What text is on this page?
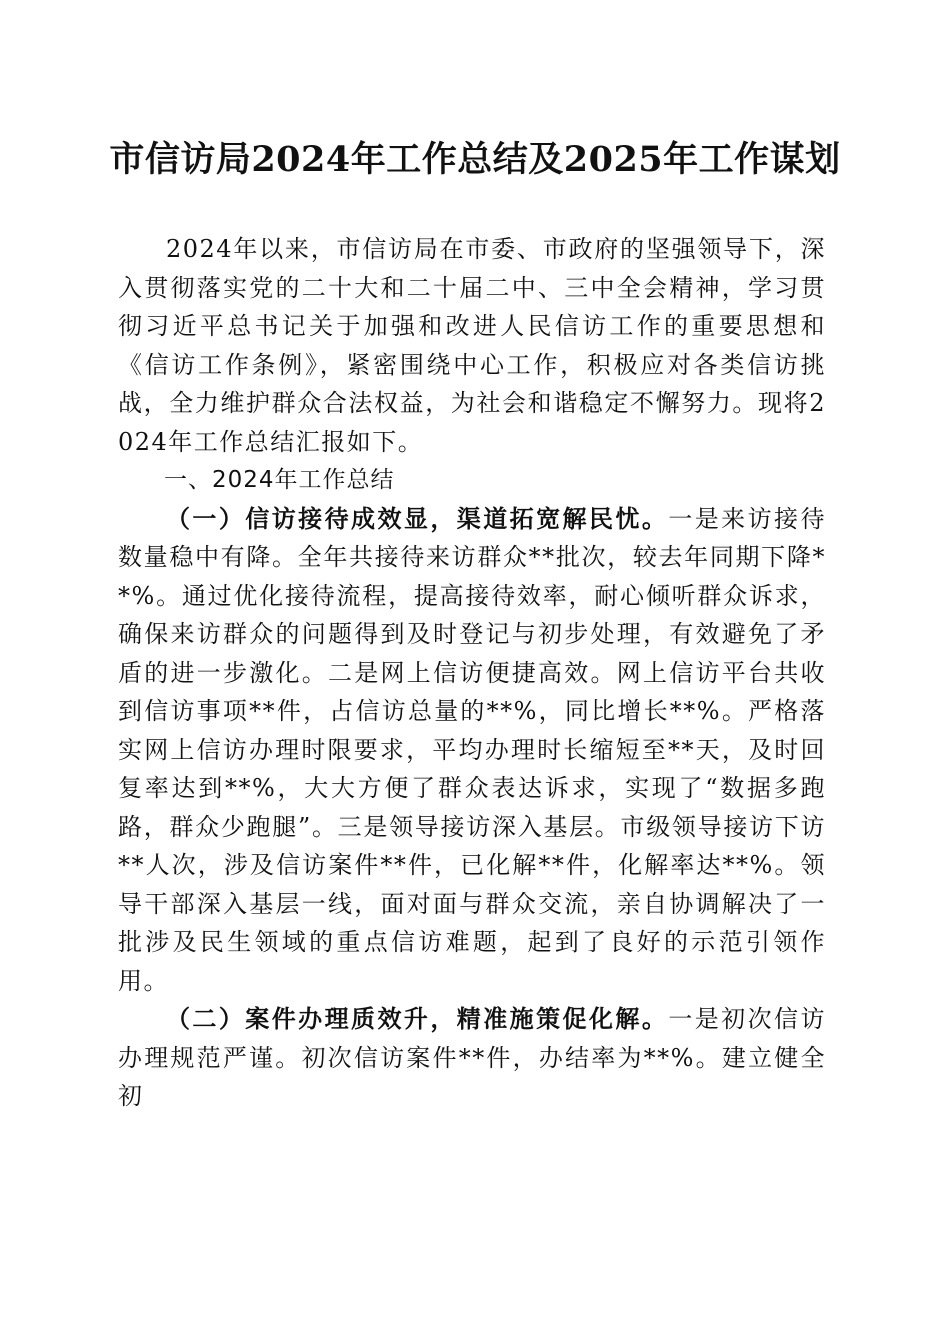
市信访局2024年工作总结及2025年工作谋划

2024年以来，市信访局在市委、市政府的坚强领导下，深入贯彻落实党的二十大和二十届二中、三中全会精神，学习贯彻习近平总书记关于加强和改进人民信访工作的重要思想和《信访工作条例》，紧密围绕中心工作，积极应对各类信访挑战，全力维护群众合法权益，为社会和谐稳定不懈努力。现将2024年工作总结汇报如下。

一、2024年工作总结

（一）信访接待成效显，渠道拓宽解民忧。一是来访接待数量稳中有降。全年共接待来访群众**批次，较去年同期下降**%。通过优化接待流程，提高接待效率，耐心倾听群众诉求，确保来访群众的问题得到及时登记与初步处理，有效避免了矛盾的进一步激化。二是网上信访便捷高效。网上信访平台共收到信访事项**件，占信访总量的**%，同比增长**%。严格落实网上信访办理时限要求，平均办理时长缩短至**天，及时回复率达到**%，大大方便了群众表达诉求，实现了“数据多跑路，群众少跑腿”。三是领导接访深入基层。市级领导接访下访**人次，涉及信访案件**件，已化解**件，化解率达**%。领导干部深入基层一线，面对面与群众交流，亲自协调解决了一批涉及民生领域的重点信访难题，起到了良好的示范引领作用。

（二）案件办理质效升，精准施策促化解。一是初次信访办理规范严谨。初次信访案件**件，办结率为**%。建立健全初
